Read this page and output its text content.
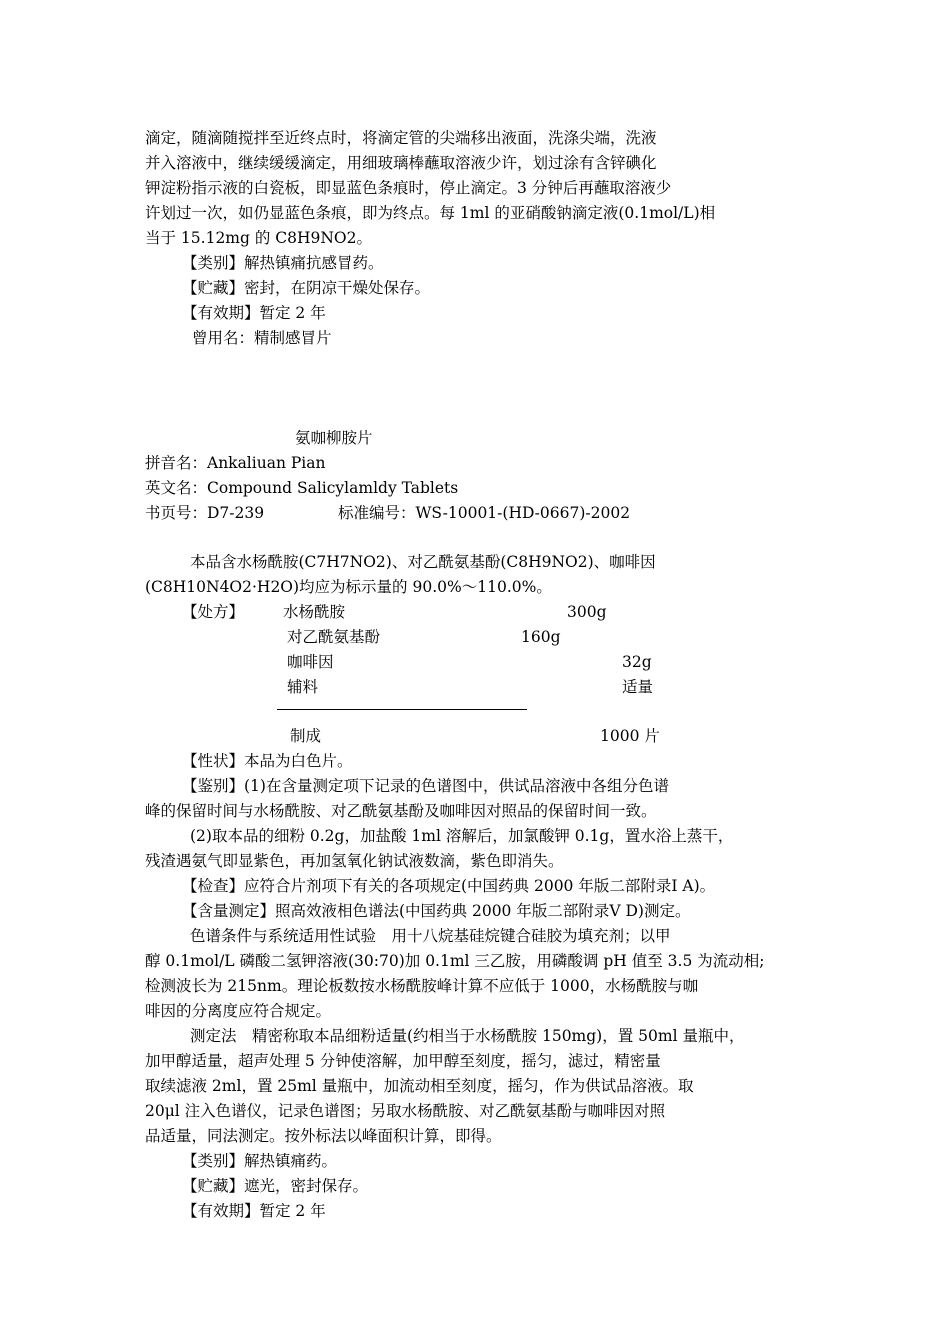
滴定，随滴随搅拌至近终点时，将滴定管的尖端移出液面，洗涤尖端，洗液
并入溶液中，继续缓缓滴定，用细玻璃棒蘸取溶液少许，划过涂有含锌碘化
钾淀粉指示液的白瓷板，即显蓝色条痕时，停止滴定。3 分钟后再蘸取溶液少
许划过一次，如仍显蓝色条痕，即为终点。每 1ml 的亚硝酸钠滴定液(0.1mol/L)相
当于 15.12mg 的 C8H9NO2。
【类别】解热镇痛抗感冒药。
【贮藏】密封，在阴凉干燥处保存。
【有效期】暂定 2 年
曾用名：精制感冒片
氨咖柳胺片
拼音名：Ankaliuan Pian
英文名：Compound Salicylamldy Tablets
书页号：D7-239	标准编号：WS-10001-(HD-0667)-2002
本品含水杨酰胺(C7H7NO2)、对乙酰氨基酚(C8H9NO2)、咖啡因
(C8H10N4O2·H2O)均应为标示量的 90.0%～110.0%。
【处方】	水杨酰胺	300g
对乙酰氨基酚	160g
咖啡因	32g
辅料	适量
制成	1000 片
【性状】本品为白色片。
【鉴别】(1)在含量测定项下记录的色谱图中，供试品溶液中各组分色谱
峰的保留时间与水杨酰胺、对乙酰氨基酚及咖啡因对照品的保留时间一致。
(2)取本品的细粉 0.2g，加盐酸 1ml 溶解后，加氯酸钾 0.1g，置水浴上蒸干，
残渣遇氨气即显紫色，再加氢氧化钠试液数滴，紫色即消失。
【检查】应符合片剂项下有关的各项规定(中国药典 2000 年版二部附录Ⅰ A)。
【含量测定】照高效液相色谱法(中国药典 2000 年版二部附录Ⅴ D)测定。
色谱条件与系统适用性试验　用十八烷基硅烷键合硅胶为填充剂；以甲
醇 0.1mol/L 磷酸二氢钾溶液(30:70)加 0.1ml 三乙胺，用磷酸调 pH 值至 3.5 为流动相;
检测波长为 215nm。理论板数按水杨酰胺峰计算不应低于 1000，水杨酰胺与咖
啡因的分离度应符合规定。
测定法　精密称取本品细粉适量(约相当于水杨酰胺 150mg)，置 50ml 量瓶中，
加甲醇适量，超声处理 5 分钟使溶解，加甲醇至刻度，摇匀，滤过，精密量
取续滤液 2ml，置 25ml 量瓶中，加流动相至刻度，摇匀，作为供试品溶液。取
20μl 注入色谱仪，记录色谱图；另取水杨酰胺、对乙酰氨基酚与咖啡因对照
品适量，同法测定。按外标法以峰面积计算，即得。
【类别】解热镇痛药。
【贮藏】遮光，密封保存。
【有效期】暂定 2 年
